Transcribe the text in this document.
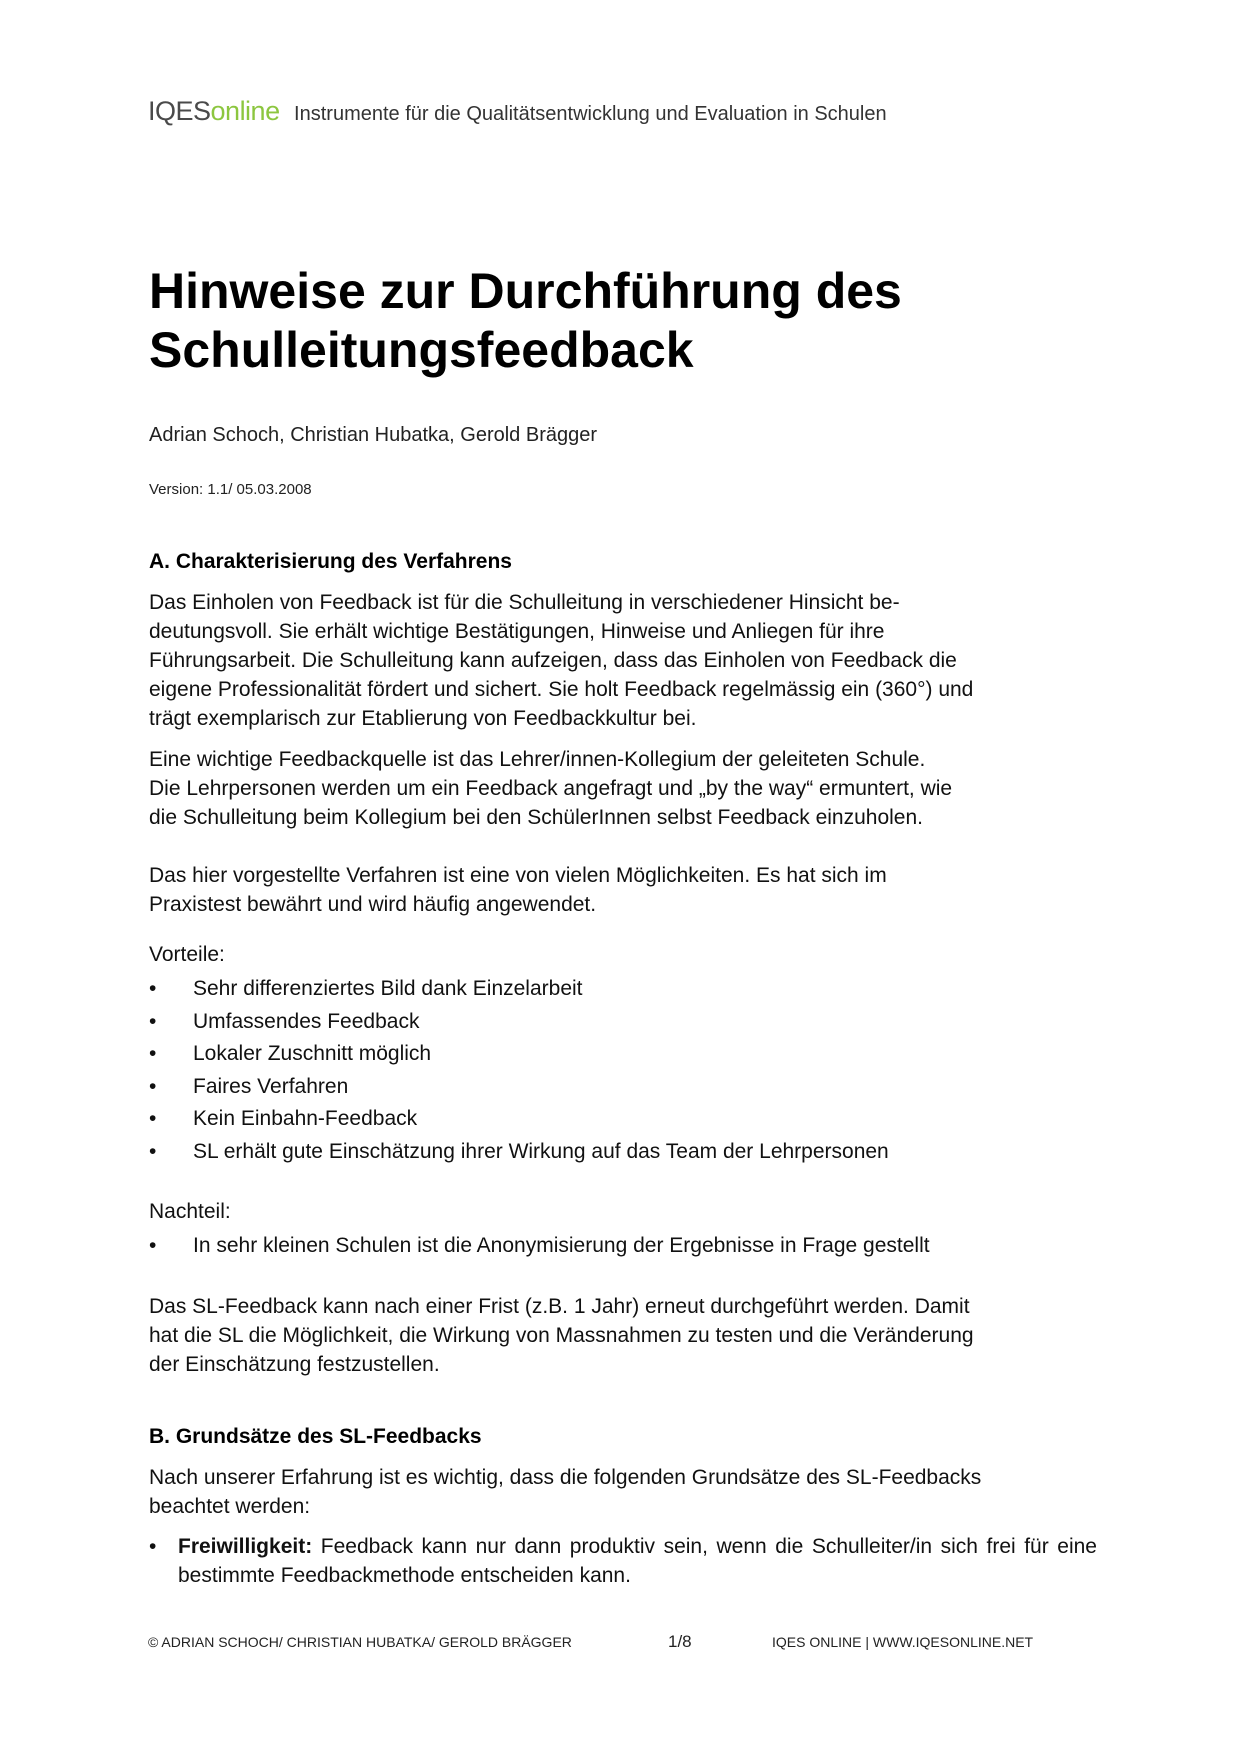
IQESonline Instrumente für die Qualitätsentwicklung und Evaluation in Schulen
Hinweise zur Durchführung des
Schulleitungsfeedback
Adrian Schoch, Christian Hubatka, Gerold Brägger
Version: 1.1/ 05.03.2008
A. Charakterisierung des Verfahrens

Das Einholen von Feedback ist für die Schulleitung in verschiedener Hinsicht be-
deutungsvoll. Sie erhält wichtige Bestätigungen, Hinweise und Anliegen für ihre
Führungsarbeit. Die Schulleitung kann aufzeigen, dass das Einholen von Feedback die
eigene Professionalität fördert und sichert. Sie holt Feedback regelmässig ein (360°) und
trägt exemplarisch zur Etablierung von Feedbackkultur bei.

Eine wichtige Feedbackquelle ist das Lehrer/innen-Kollegium der geleiteten Schule.
Die Lehrpersonen werden um ein Feedback angefragt und „by the way“ ermuntert, wie
die Schulleitung beim Kollegium bei den SchülerInnen selbst Feedback einzuholen.

Das hier vorgestellte Verfahren ist eine von vielen Möglichkeiten. Es hat sich im
Praxistest bewährt und wird häufig angewendet.

Vorteile:
• Sehr differenziertes Bild dank Einzelarbeit
• Umfassendes Feedback
• Lokaler Zuschnitt möglich
• Faires Verfahren
• Kein Einbahn-Feedback
• SL erhält gute Einschätzung ihrer Wirkung auf das Team der Lehrpersonen
Nachteil:
• In sehr kleinen Schulen ist die Anonymisierung der Ergebnisse in Frage gestellt

Das SL-Feedback kann nach einer Frist (z.B. 1 Jahr) erneut durchgeführt werden. Damit
hat die SL die Möglichkeit, die Wirkung von Massnahmen zu testen und die Veränderung
der Einschätzung festzustellen.

B. Grundsätze des SL-Feedbacks

Nach unserer Erfahrung ist es wichtig, dass die folgenden Grundsätze des SL-Feedbacks
beachtet werden:

• Freiwilligkeit: Feedback kann nur dann produktiv sein, wenn die Schulleiter/in sich frei für eine bestimmte Feedbackmethode entscheiden kann.
© ADRIAN SCHOCH/ CHRISTIAN HUBATKA/ GEROLD BRÄGGER	1/8	IQES ONLINE | WWW.IQESONLINE.NET
